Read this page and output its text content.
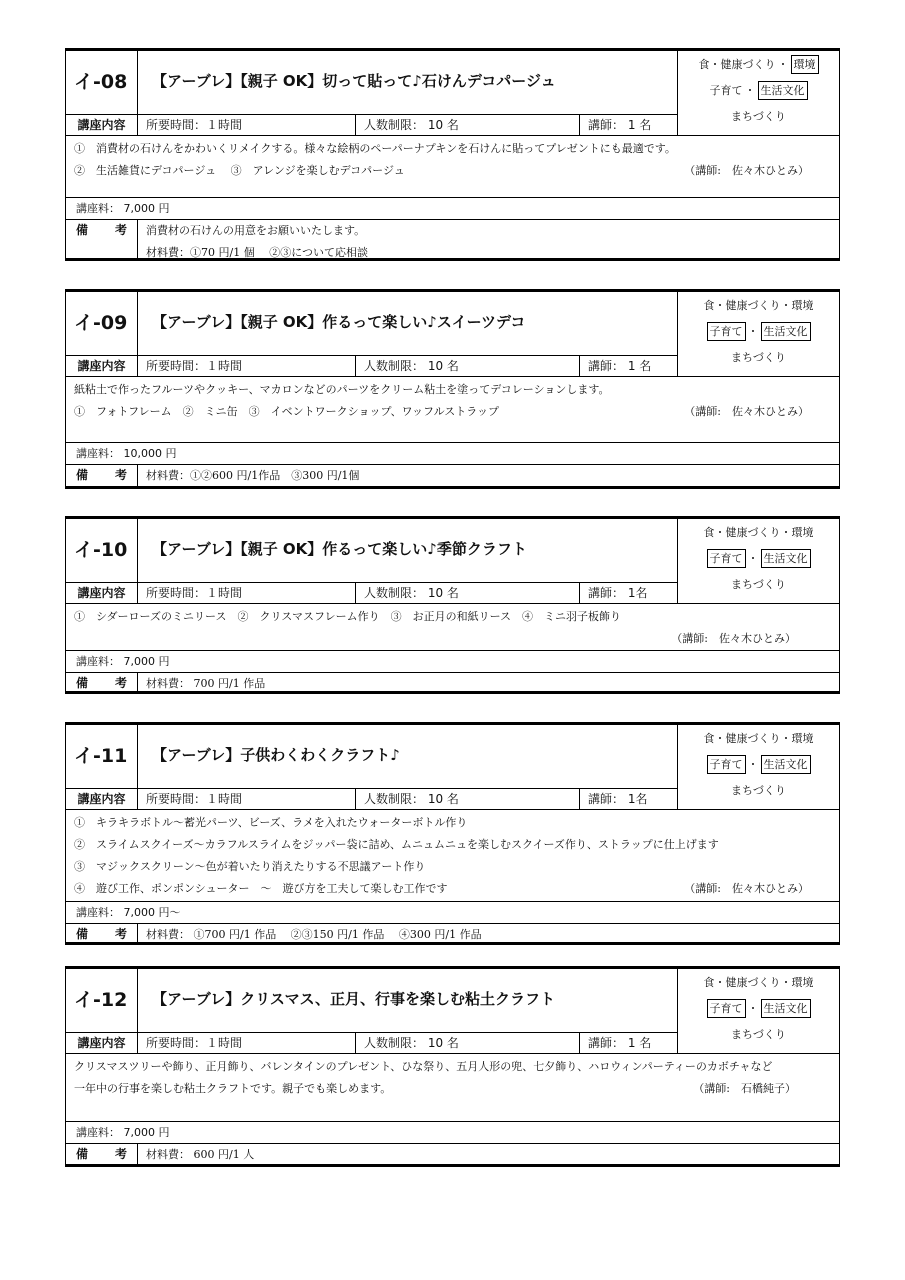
イ-08	【アーブレ】【親子 OK】切って貼って♪石けんデコパージュ
食・健康づくり ・ 環境
子育て ・ 生活文化
まちづくり
講座内容	所要時間：１時間	人数制限： 10 名	講師： 1 名
①　消費材の石けんをかわいくリメイクする。様々な絵柄のペーパーナプキンを石けんに貼ってプレゼントにも最適です。
②　生活雑貨にデコパージュ　 ③　アレンジを楽しむデコパージュ	（講師:　佐々木ひとみ）
講座料： 7,000 円
備 考 消費材の石けんの用意をお願いいたします。
材料費：①70 円/1 個　 ②③について応相談
イ-09	【アーブレ】【親子 OK】作るって楽しい♪スイーツデコ
食・健康づくり・環境
子育て ・ 生活文化
まちづくり
講座内容	所要時間：１時間	人数制限： 10 名	講師： 1 名
紙粘土で作ったフルーツやクッキー、マカロンなどのパーツをクリーム粘土を塗ってデコレーションします。
①　フォトフレーム　②　ミニ缶　③　イベントワークショップ、ワッフルストラップ	（講師:　佐々木ひとみ）
講座料： 10,000 円
備 考 材料費：①②600 円/1作品　③300 円/1個
イ-10	【アーブレ】【親子 OK】作るって楽しい♪季節クラフト
食・健康づくり・環境
子育て ・ 生活文化
まちづくり
講座内容	所要時間：１時間	人数制限： 10 名	講師： 1名
①　シダーローズのミニリース　②　クリスマスフレーム作り　③　お正月の和紙リース　④　ミニ羽子板飾り
（講師:　佐々木ひとみ）
講座料： 7,000 円
備 考 材料費： 700 円/1 作品
イ-11	【アーブレ】子供わくわくクラフト♪
食・健康づくり・環境
子育て ・ 生活文化
まちづくり
講座内容	所要時間：１時間	人数制限： 10 名	講師： 1名
①　キラキラボトル～蓄光パーツ、ビーズ、ラメを入れたウォーターボトル作り
②　スライムスクイーズ～カラフルスライムをジッパー袋に詰め、ムニュムニュを楽しむスクイーズ作り、ストラップに仕上げます
③　マジックスクリーン～色が着いたり消えたりする不思議アート作り
④　遊び工作、ポンポンシューター　～　遊び方を工夫して楽しむ工作です	（講師:　佐々木ひとみ）
講座料： 7,000 円～
備 考 材料費： ①700 円/1 作品　 ②③150 円/1 作品　 ④300 円/1 作品
イ-12	【アーブレ】クリスマス、正月、行事を楽しむ粘土クラフト
食・健康づくり・環境
子育て ・ 生活文化
まちづくり
講座内容	所要時間：１時間	人数制限： 10 名	講師： 1 名
クリスマスツリーや飾り、正月飾り、バレンタインのプレゼント、ひな祭り、五月人形の兜、七夕飾り、ハロウィンパーティーのカボチャなど
一年中の行事を楽しむ粘土クラフトです。親子でも楽しめます。	（講師:　石橋純子）
講座料： 7,000 円
備 考 材料費： 600 円/1 人
